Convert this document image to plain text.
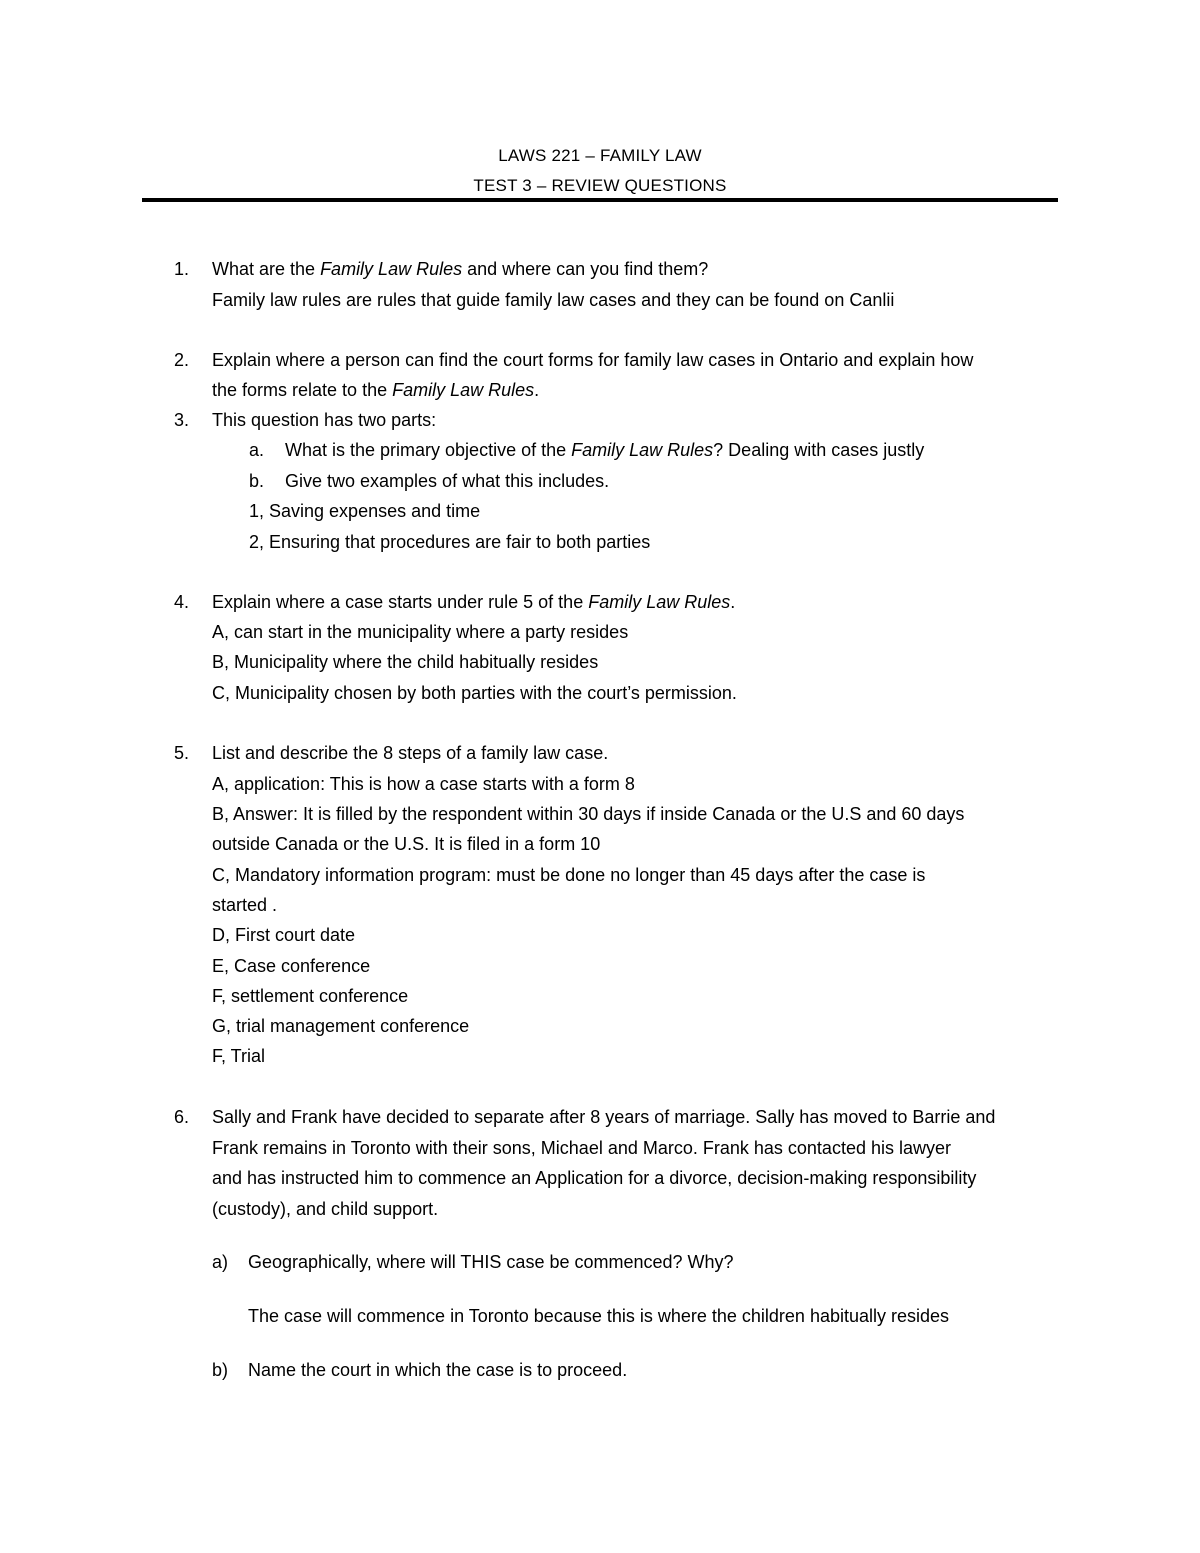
LAWS 221 – FAMILY LAW
TEST 3 – REVIEW QUESTIONS
1. What are the Family Law Rules and where can you find them?
Family law rules are rules that guide family law cases and they can be found on Canlii
2. Explain where a person can find the court forms for family law cases in Ontario and explain how
the forms relate to the Family Law Rules.
3. This question has two parts:
a. What is the primary objective of the Family Law Rules? Dealing with cases justly
b. Give two examples of what this includes.
1, Saving expenses and time
2, Ensuring that procedures are fair to both parties
4. Explain where a case starts under rule 5 of the Family Law Rules.
A, can start in the municipality where a party resides
B, Municipality where the child habitually resides
C, Municipality chosen by both parties with the court’s permission.
5. List and describe the 8 steps of a family law case.
A, application: This is how a case starts with a form 8
B, Answer: It is filled by the respondent within 30 days if inside Canada or the U.S and 60 days
outside Canada or the U.S. It is filed in a form 10
C, Mandatory information program: must be done no longer than 45 days after the case is
started .
D, First court date
E, Case conference
F, settlement conference
G, trial management conference
F, Trial
6. Sally and Frank have decided to separate after 8 years of marriage. Sally has moved to Barrie and
Frank remains in Toronto with their sons, Michael and Marco. Frank has contacted his lawyer
and has instructed him to commence an Application for a divorce, decision-making responsibility
(custody), and child support.
a) Geographically, where will THIS case be commenced? Why?
The case will commence in Toronto because this is where the children habitually resides
b) Name the court in which the case is to proceed.
